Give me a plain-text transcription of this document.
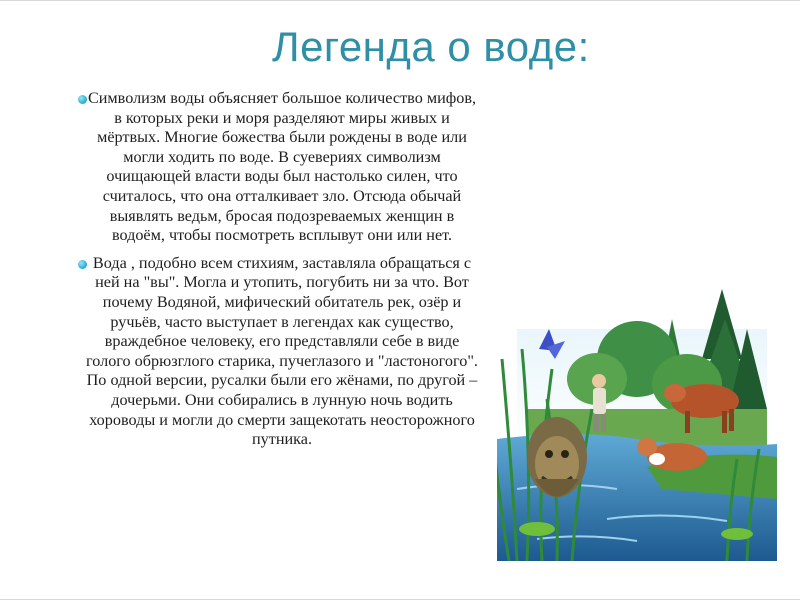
Легенда о воде:
Символизм воды объясняет большое количество мифов, в которых реки и моря разделяют миры живых и мёртвых. Многие божества были рождены в воде или могли ходить по воде. В суевериях символизм очищающей власти воды был настолько силен, что считалось, что она отталкивает зло. Отсюда обычай выявлять ведьм, бросая подозреваемых женщин в водоём, чтобы посмотреть всплывут они или нет.
Вода , подобно всем стихиям, заставляла обращаться с ней на "вы". Могла и утопить, погубить ни за что. Вот почему Водяной, мифический обитатель рек, озёр и ручьёв, часто выступает в легендах как существо, враждебное человеку, его представляли себе в виде голого обрюзглого старика, пучеглазого и "ластоногого". По одной версии, русалки были его жёнами, по другой – дочерьми. Они собирались в лунную ночь водить хороводы и могли до смерти защекотать неосторожного путника.
